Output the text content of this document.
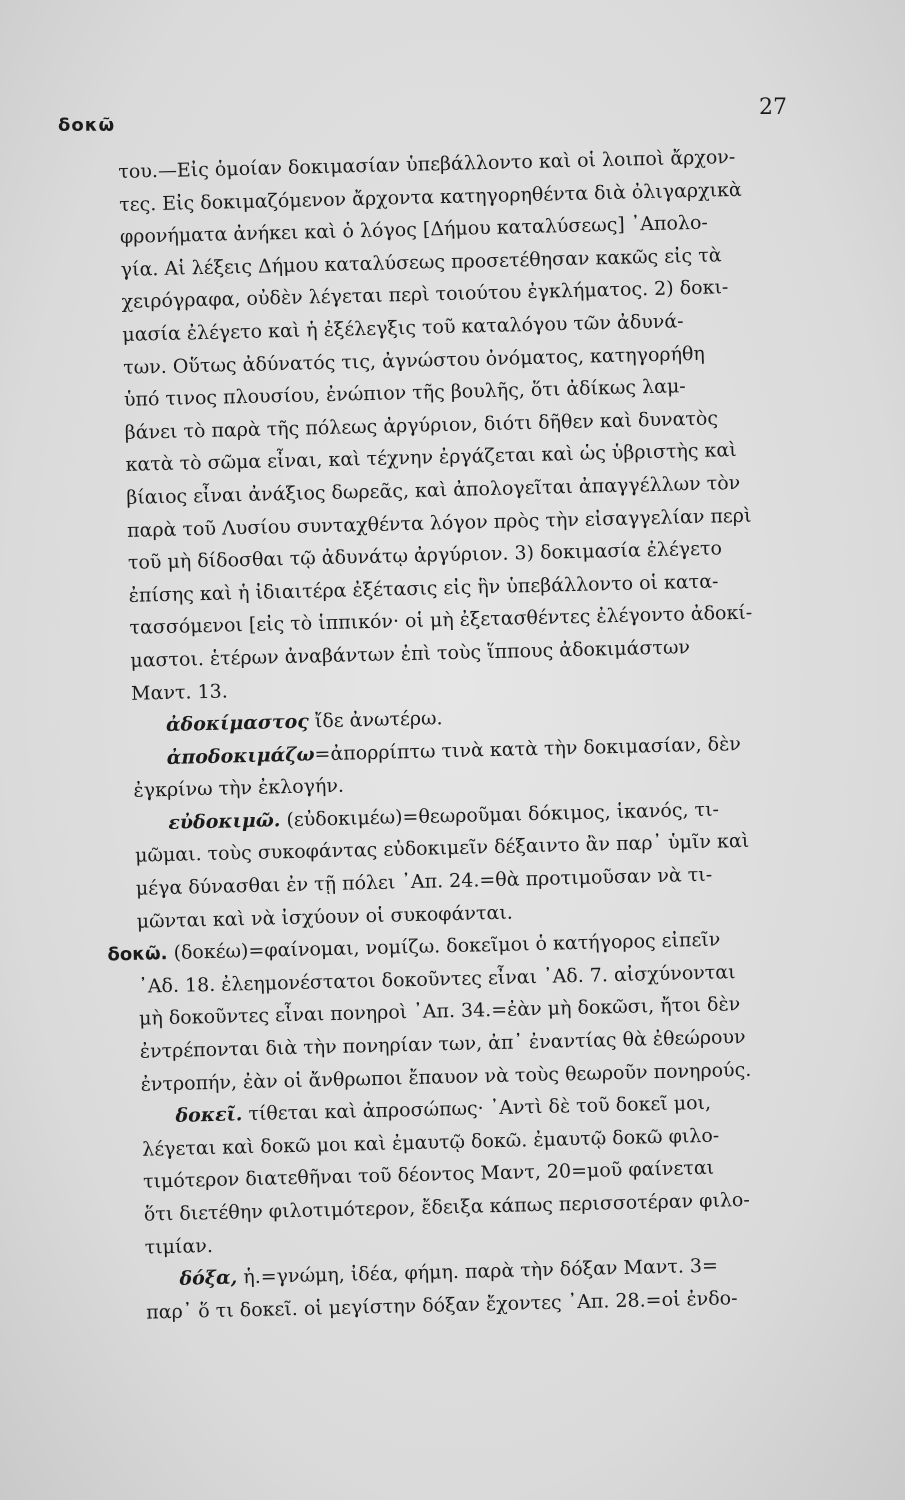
δοκῶ
27
του.—Εἰς ὁμοίαν δοκιμασίαν ὑπεβάλλοντο καὶ οἱ λοιποὶ ἄρχον-
τες. Εἰς δοκιμαζόμενον ἄρχοντα κατηγορηθέντα διὰ ὀλιγαρχικὰ
φρονήματα ἀνήκει καὶ ὁ λόγος [Δήμου καταλύσεως] ᾿Απολο-
γία. Αἱ λέξεις Δήμου καταλύσεως προσετέθησαν κακῶς εἰς τὰ
χειρόγραφα, οὐδὲν λέγεται περὶ τοιούτου ἐγκλήματος. 2) δοκι-
μασία ἐλέγετο καὶ ἡ ἐξέλεγξις τοῦ καταλόγου τῶν ἀδυνά-
των. Οὕτως ἀδύνατός τις, ἀγνώστου ὀνόματος, κατηγορήθη
ὑπό τινος πλουσίου, ἐνώπιον τῆς βουλῆς, ὅτι ἀδίκως λαμ-
βάνει τὸ παρὰ τῆς πόλεως ἀργύριον, διότι δῆθεν καὶ δυνατὸς
κατὰ τὸ σῶμα εἶναι, καὶ τέχνην ἐργάζεται καὶ ὡς ὑβριστὴς καὶ
βίαιος εἶναι ἀνάξιος δωρεᾶς, καὶ ἀπολογεῖται ἀπαγγέλλων τὸν
παρὰ τοῦ Λυσίου συνταχθέντα λόγον πρὸς τὴν εἰσαγγελίαν περὶ
τοῦ μὴ δίδοσθαι τῷ ἀδυνάτῳ ἀργύριον. 3) δοκιμασία ἐλέγετο
ἐπίσης καὶ ἡ ἰδιαιτέρα ἐξέτασις εἰς ἣν ὑπεβάλλοντο οἱ κατα-
τασσόμενοι [εἰς τὸ ἱππικόν· οἱ μὴ ἐξετασθέντες ἐλέγοντο ἀδοκί-
μαστοι. ἑτέρων ἀναβάντων ἐπὶ τοὺς ἵππους ἀδοκιμάστων
Μαντ. 13.
ἀδοκίμαστος ἴδε ἀνωτέρω.
ἀποδοκιμάζω=ἀπορρίπτω τινὰ κατὰ τὴν δοκιμασίαν, δὲν
ἐγκρίνω τὴν ἐκλογήν.
εὐδοκιμῶ. (εὐδοκιμέω)=θεωροῦμαι δόκιμος, ἱκανός, τι-
μῶμαι. τοὺς συκοφάντας εὐδοκιμεῖν δέξαιντο ἂν παρ᾿ ὑμῖν καὶ
μέγα δύνασθαι ἐν τῇ πόλει ᾿Απ. 24.=θὰ προτιμοῦσαν νὰ τι-
μῶνται καὶ νὰ ἰσχύουν οἱ συκοφάνται.
δοκῶ. (δοκέω)=φαίνομαι, νομίζω. δοκεῖμοι ὁ κατήγορος εἰπεῖν
᾿Αδ. 18. ἐλεημονέστατοι δοκοῦντες εἶναι ᾿Αδ. 7. αἰσχύνονται
μὴ δοκοῦντες εἶναι πονηροὶ ᾿Απ. 34.=ἐὰν μὴ δοκῶσι, ἤτοι δὲν
ἐντρέπονται διὰ τὴν πονηρίαν των, ἀπ᾿ ἐναντίας θὰ ἐθεώρουν
ἐντροπήν, ἐὰν οἱ ἄνθρωποι ἔπαυον νὰ τοὺς θεωροῦν πονηρούς.
δοκεῖ. τίθεται καὶ ἀπροσώπως· ᾿Αντὶ δὲ τοῦ δοκεῖ μοι,
λέγεται καὶ δοκῶ μοι καὶ ἐμαυτῷ δοκῶ. ἐμαυτῷ δοκῶ φιλο-
τιμότερον διατεθῆναι τοῦ δέοντος Μαντ, 20=μοῦ φαίνεται
ὅτι διετέθην φιλοτιμότερον, ἔδειξα κάπως περισσοτέραν φιλο-
τιμίαν.
δόξα, ἡ.=γνώμη, ἰδέα, φήμη. παρὰ τὴν δόξαν Μαντ. 3=
παρ᾿ ὅ τι δοκεῖ. οἱ μεγίστην δόξαν ἔχοντες ᾿Απ. 28.=οἱ ἐνδο-
